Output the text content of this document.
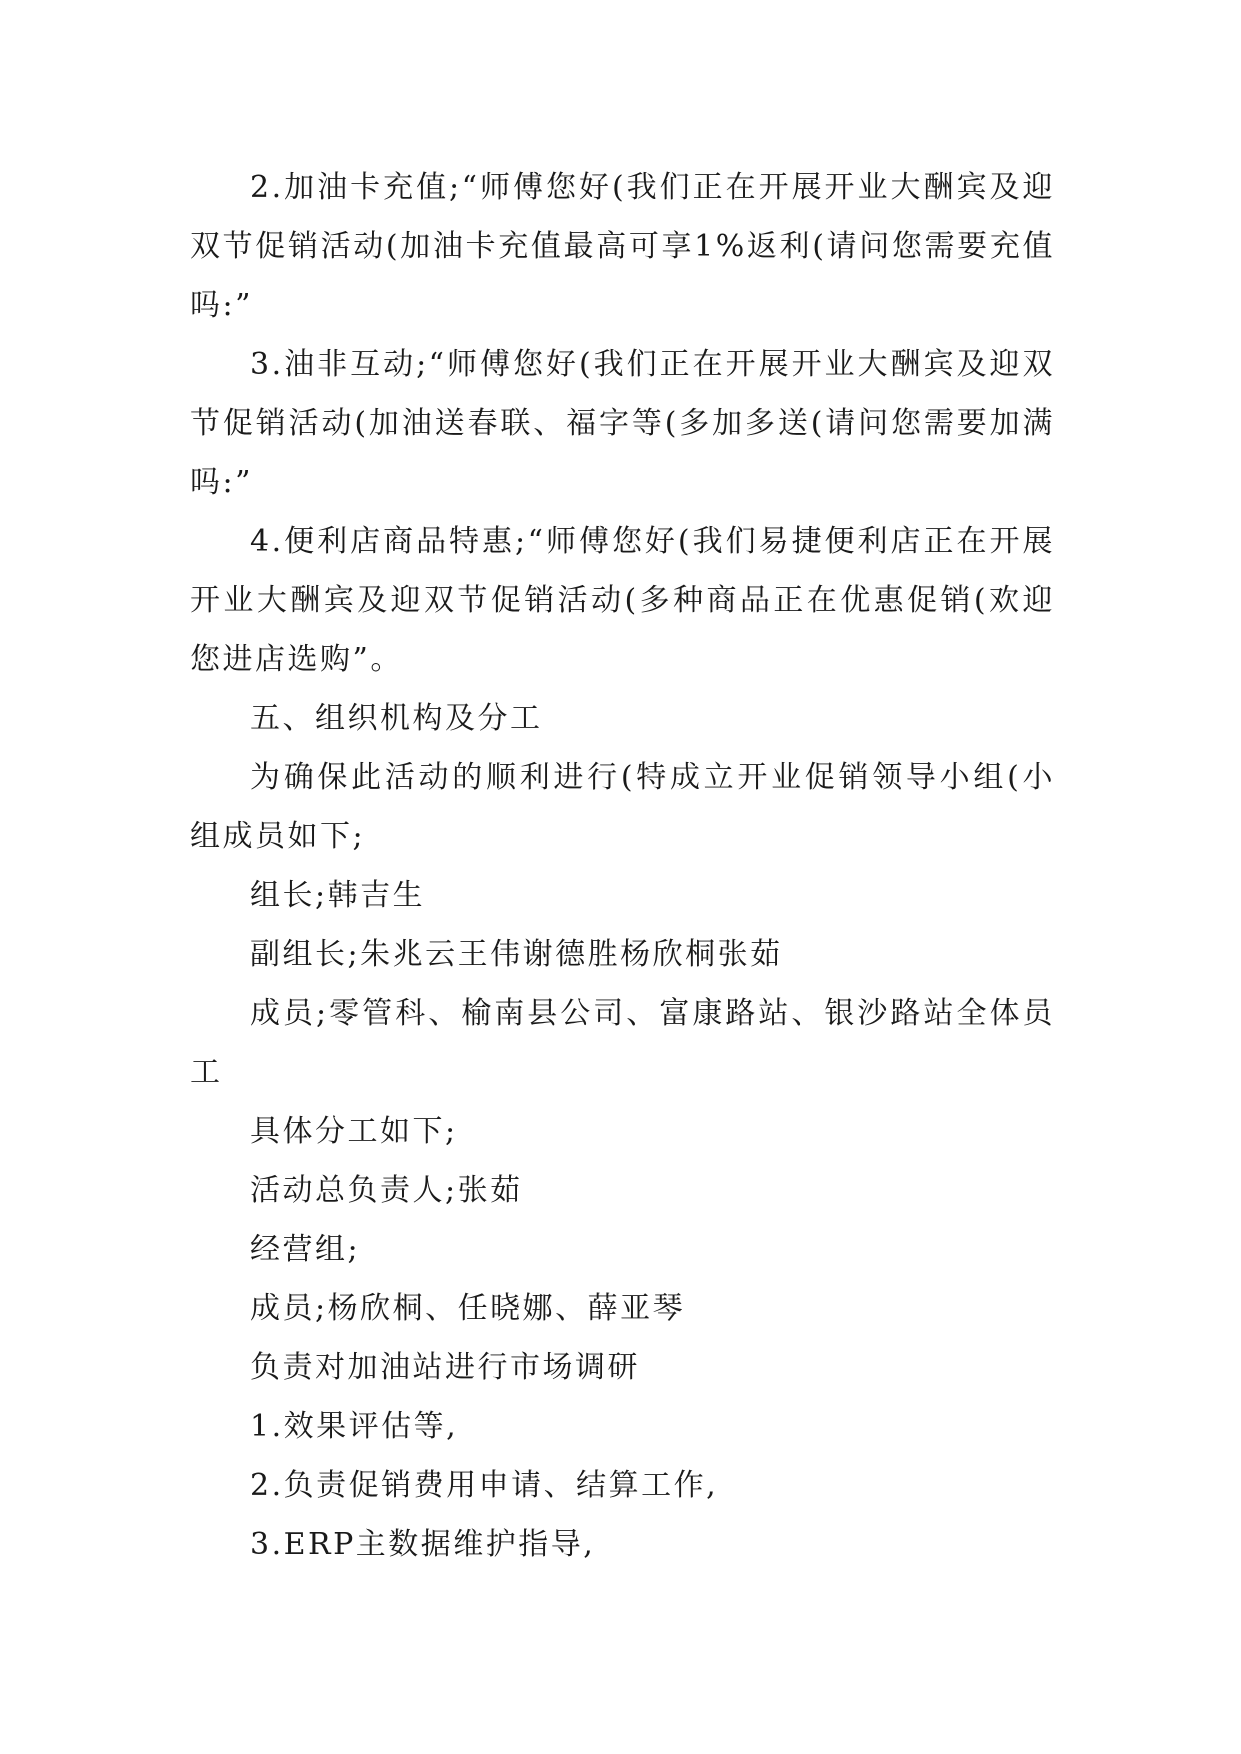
2.加油卡充值;“师傅您好(我们正在开展开业大酬宾及迎双节促销活动(加油卡充值最高可享1%返利(请问您需要充值吗:”

3.油非互动;“师傅您好(我们正在开展开业大酬宾及迎双节促销活动(加油送春联、福字等(多加多送(请问您需要加满吗:”

4.便利店商品特惠;“师傅您好(我们易捷便利店正在开展开业大酬宾及迎双节促销活动(多种商品正在优惠促销(欢迎您进店选购”。

五、组织机构及分工

为确保此活动的顺利进行(特成立开业促销领导小组(小组成员如下;

组长;韩吉生

副组长;朱兆云王伟谢德胜杨欣桐张茹

成员;零管科、榆南县公司、富康路站、银沙路站全体员工

具体分工如下;

活动总负责人;张茹

经营组;

成员;杨欣桐、任晓娜、薛亚琴

负责对加油站进行市场调研

1.效果评估等,

2.负责促销费用申请、结算工作,

3.ERP主数据维护指导,
